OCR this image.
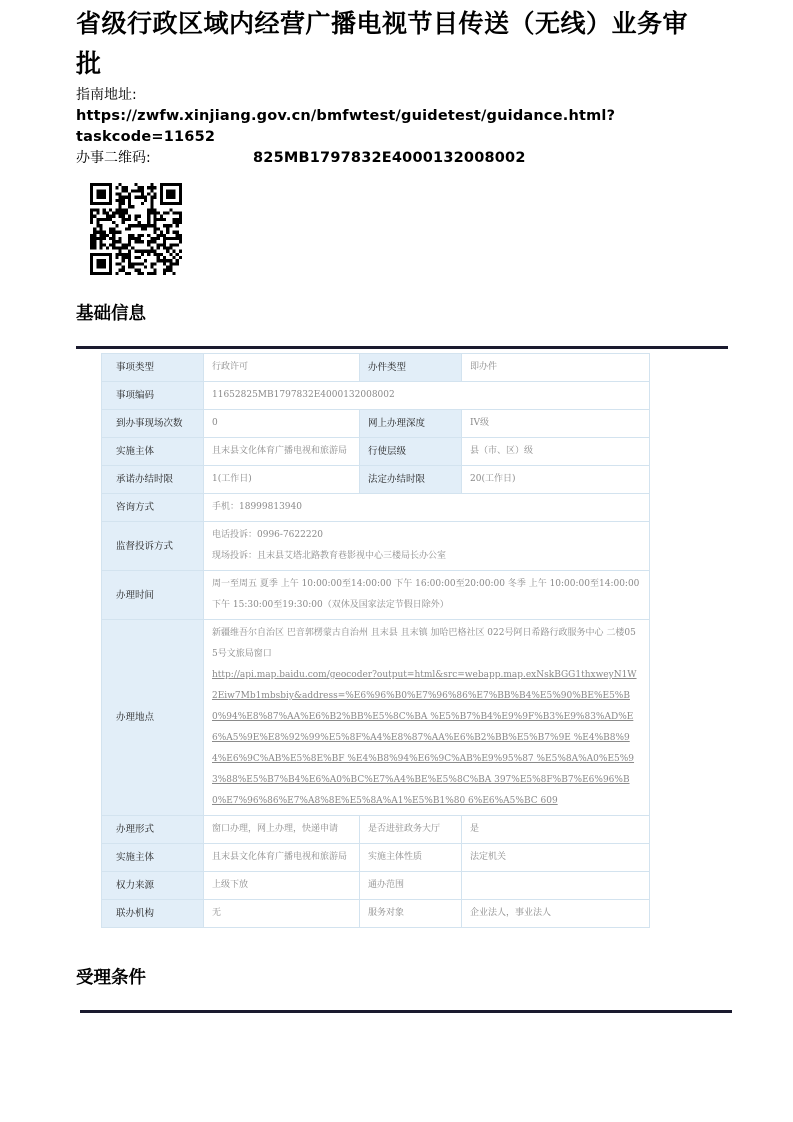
省级行政区域内经营广播电视节目传送（无线）业务审批
指南地址:
https://zwfw.xinjiang.gov.cn/bmfwtest/guidetest/guidance.html?taskcode=11652
825MB1797832E4000132008002
办事二维码:
基础信息
事项类型	行政许可	办件类型	即办件
事项编码	11652825MB1797832E4000132008002		
到办事现场次数	0	网上办理深度	IV级
实施主体	且末县文化体育广播电视和旅游局	行使层级	县（市、区）级
承诺办结时限	1(工作日)	法定办结时限	20(工作日)
咨询方式	手机：18999813940		
监督投诉方式	电话投诉：0996-7622220
现场投诉：且末县艾塔北路教育巷影视中心三楼局长办公室		

办理时间	周一至周五 夏季 上午 10:00:00至14:00:00 下午 16:00:00至20:00:00 冬季 上午 10:00:00至14:00:00 下午 15:30:00至19:30:00（双休及国家法定节假日除外）		
办理地点	新疆维吾尔自治区 巴音郭楞蒙古自治州 且末县 且末镇 加哈巴格社区 022号阿日希路行政服务中心 二楼055号文旅局窗口
http://api.map.baidu.com/geocoder?output=html&src=webapp.map.exNskBGG1thxweyN1W2Eiw7Mb1mbsbiy&address=%E6%96%B0%E7%96%86%E7%BB%B4%E5%90%BE%E5%B0%94%E8%87%AA%E6%B2%BB%E5%8C%BA %E5%B7%B4%E9%9F%B3%E9%83%AD%E6%A5%9E%E8%92%99%E5%8F%A4%E8%87%AA%E6%B2%BB%E5%B7%9E %E4%B8%94%E6%9C%AB%E5%8E%BF %E4%B8%94%E6%9C%AB%E9%95%87 %E5%8A%A0%E5%93%88%E5%B7%B4%E6%A0%BC%E7%A4%BE%E5%8C%BA 397%E5%8F%B7%E6%96%B0%E7%96%86%E7%A8%8E%E5%8A%A1%E5%B1%80 6%E6%A5%BC 609		
办理形式	窗口办理，网上办理，快递申请	是否进驻政务大厅	是
实施主体	且末县文化体育广播电视和旅游局	实施主体性质	法定机关
权力来源	上级下放	通办范围	
联办机构	无	服务对象	企业法人，事业法人
受理条件
